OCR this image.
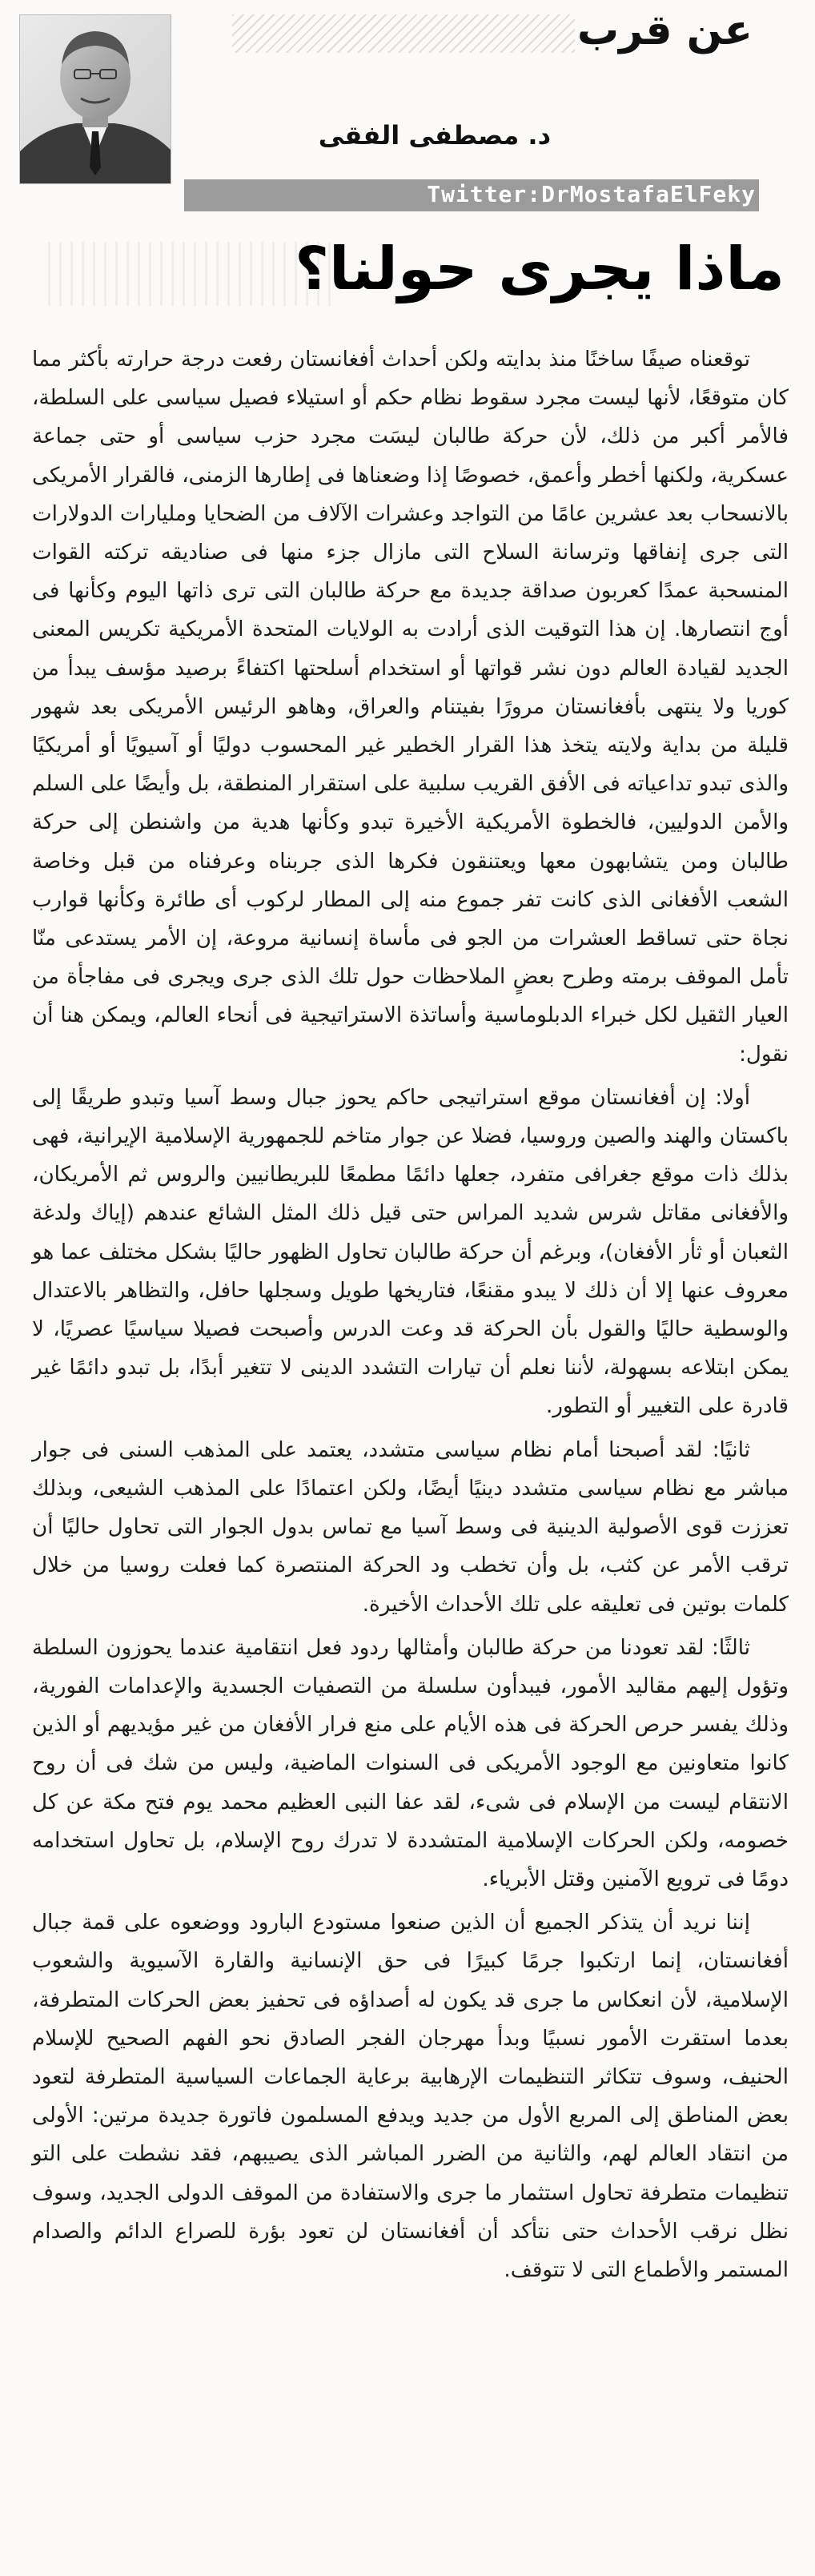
عن قرب
د. مصطفى الفقى
Twitter:DrMostafaElFeky
ماذا يجرى حولنا؟

توقعناه صيفًا ساخنًا منذ بدايته ولكن أحداث أفغانستان رفعت درجة حرارته بأكثر مما كان متوقعًا، لأنها ليست مجرد سقوط نظام حكم أو استيلاء فصيل سياسى على السلطة، فالأمر أكبر من ذلك، لأن حركة طالبان ليسَت مجرد حزب سياسى أو حتى جماعة عسكرية، ولكنها أخطر وأعمق، خصوصًا إذا وضعناها فى إطارها الزمنى، فالقرار الأمريكى بالانسحاب بعد عشرين عامًا من التواجد وعشرات الآلاف من الضحايا ومليارات الدولارات التى جرى إنفاقها وترسانة السلاح التى مازال جزء منها فى صناديقه تركته القوات المنسحبة عمدًا كعربون صداقة جديدة مع حركة طالبان التى ترى ذاتها اليوم وكأنها فى أوج انتصارها. إن هذا التوقيت الذى أرادت به الولايات المتحدة الأمريكية تكريس المعنى الجديد لقيادة العالم دون نشر قواتها أو استخدام أسلحتها اكتفاءً برصيد مؤسف يبدأ من كوريا ولا ينتهى بأفغانستان مرورًا بفيتنام والعراق، وهاهو الرئيس الأمريكى بعد شهور قليلة من بداية ولايته يتخذ هذا القرار الخطير غير المحسوب دوليًا أو آسيويًا أو أمريكيًا والذى تبدو تداعياته فى الأفق القريب سلبية على استقرار المنطقة، بل وأيضًا على السلم والأمن الدوليين، فالخطوة الأمريكية الأخيرة تبدو وكأنها هدية من واشنطن إلى حركة طالبان ومن يتشابهون معها ويعتنقون فكرها الذى جربناه وعرفناه من قبل وخاصة الشعب الأفغانى الذى كانت تفر جموع منه إلى المطار لركوب أى طائرة وكأنها قوارب نجاة حتى تساقط العشرات من الجو فى مأساة إنسانية مروعة، إن الأمر يستدعى منّا تأمل الموقف برمته وطرح بعضٍ الملاحظات حول تلك الذى جرى ويجرى فى مفاجأة من العيار الثقيل لكل خبراء الدبلوماسية وأساتذة الاستراتيجية فى أنحاء العالم، ويمكن هنا أن نقول:

أولا: إن أفغانستان موقع استراتيجى حاكم يحوز جبال وسط آسيا وتبدو طريقًا إلى باكستان والهند والصين وروسيا، فضلا عن جوار متاخم للجمهورية الإسلامية الإيرانية، فهى بذلك ذات موقع جغرافى متفرد، جعلها دائمًا مطمعًا للبريطانيين والروس ثم الأمريكان، والأفغانى مقاتل شرس شديد المراس حتى قيل ذلك المثل الشائع عندهم (إياك ولدغة الثعبان أو ثأر الأفغان)، وبرغم أن حركة طالبان تحاول الظهور حاليًا بشكل مختلف عما هو معروف عنها إلا أن ذلك لا يبدو مقنعًا، فتاريخها طويل وسجلها حافل، والتظاهر بالاعتدال والوسطية حاليًا والقول بأن الحركة قد وعت الدرس وأصبحت فصيلا سياسيًا عصريًا، لا يمكن ابتلاعه بسهولة، لأننا نعلم أن تيارات التشدد الدينى لا تتغير أبدًا، بل تبدو دائمًا غير قادرة على التغيير أو التطور.

ثانيًا: لقد أصبحنا أمام نظام سياسى متشدد، يعتمد على المذهب السنى فى جوار مباشر مع نظام سياسى متشدد دينيًا أيضًا، ولكن اعتمادًا على المذهب الشيعى، وبذلك تعززت قوى الأصولية الدينية فى وسط آسيا مع تماس بدول الجوار التى تحاول حاليًا أن ترقب الأمر عن كثب، بل وأن تخطب ود الحركة المنتصرة كما فعلت روسيا من خلال كلمات بوتين فى تعليقه على تلك الأحداث الأخيرة.

ثالثًا: لقد تعودنا من حركة طالبان وأمثالها ردود فعل انتقامية عندما يحوزون السلطة وتؤول إليهم مقاليد الأمور، فيبدأون سلسلة من التصفيات الجسدية والإعدامات الفورية، وذلك يفسر حرص الحركة فى هذه الأيام على منع فرار الأفغان من غير مؤيديهم أو الذين كانوا متعاونين مع الوجود الأمريكى فى السنوات الماضية، وليس من شك فى أن روح الانتقام ليست من الإسلام فى شىء، لقد عفا النبى العظيم محمد يوم فتح مكة عن كل خصومه، ولكن الحركات الإسلامية المتشددة لا تدرك روح الإسلام، بل تحاول استخدامه دومًا فى ترويع الآمنين وقتل الأبرياء.

إننا نريد أن يتذكر الجميع أن الذين صنعوا مستودع البارود ووضعوه على قمة جبال أفغانستان، إنما ارتكبوا جرمًا كبيرًا فى حق الإنسانية والقارة الآسيوية والشعوب الإسلامية، لأن انعكاس ما جرى قد يكون له أصداؤه فى تحفيز بعض الحركات المتطرفة، بعدما استقرت الأمور نسبيًا وبدأ مهرجان الفجر الصادق نحو الفهم الصحيح للإسلام الحنيف، وسوف تتكاثر التنظيمات الإرهابية برعاية الجماعات السياسية المتطرفة لتعود بعض المناطق إلى المربع الأول من جديد ويدفع المسلمون فاتورة جديدة مرتين: الأولى من انتقاد العالم لهم، والثانية من الضرر المباشر الذى يصيبهم، فقد نشطت على التو تنظيمات متطرفة تحاول استثمار ما جرى والاستفادة من الموقف الدولى الجديد، وسوف نظل نرقب الأحداث حتى نتأكد أن أفغانستان لن تعود بؤرة للصراع الدائم والصدام المستمر والأطماع التى لا تتوقف.
